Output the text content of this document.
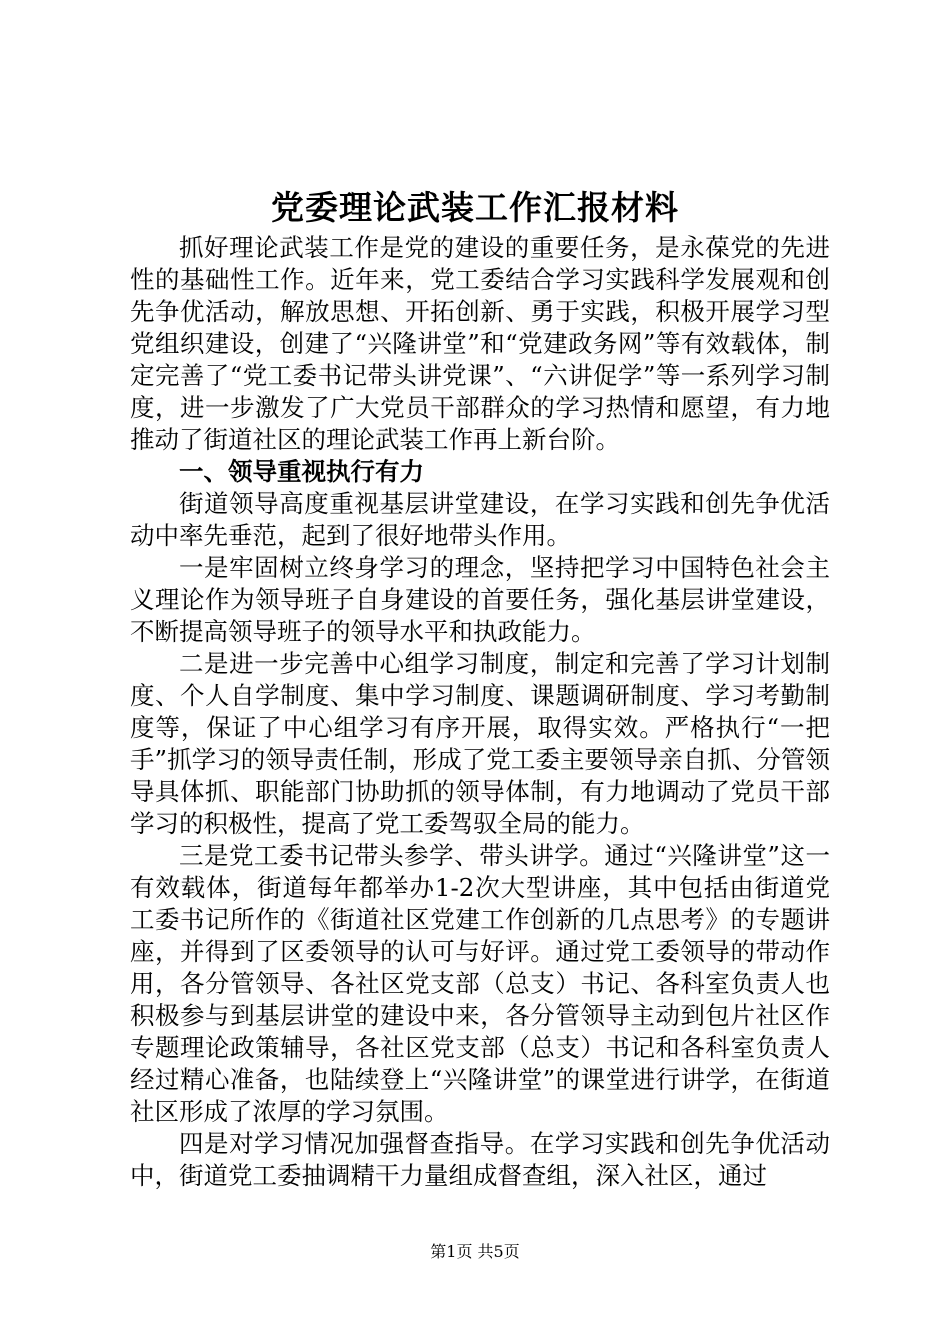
党委理论武装工作汇报材料

抓好理论武装工作是党的建设的重要任务，是永葆党的先进性的基础性工作。近年来，党工委结合学习实践科学发展观和创先争优活动，解放思想、开拓创新、勇于实践，积极开展学习型党组织建设，创建了“兴隆讲堂”和“党建政务网”等有效载体，制定完善了“党工委书记带头讲党课”、“六讲促学”等一系列学习制度，进一步激发了广大党员干部群众的学习热情和愿望，有力地推动了街道社区的理论武装工作再上新台阶。

一、领导重视执行有力

街道领导高度重视基层讲堂建设，在学习实践和创先争优活动中率先垂范，起到了很好地带头作用。

一是牢固树立终身学习的理念，坚持把学习中国特色社会主义理论作为领导班子自身建设的首要任务，强化基层讲堂建设，不断提高领导班子的领导水平和执政能力。

二是进一步完善中心组学习制度，制定和完善了学习计划制度、个人自学制度、集中学习制度、课题调研制度、学习考勤制度等，保证了中心组学习有序开展，取得实效。严格执行“一把手”抓学习的领导责任制，形成了党工委主要领导亲自抓、分管领导具体抓、职能部门协助抓的领导体制，有力地调动了党员干部学习的积极性，提高了党工委驾驭全局的能力。

三是党工委书记带头参学、带头讲学。通过“兴隆讲堂”这一有效载体，街道每年都举办1-2次大型讲座，其中包括由街道党工委书记所作的《街道社区党建工作创新的几点思考》的专题讲座，并得到了区委领导的认可与好评。通过党工委领导的带动作用，各分管领导、各社区党支部（总支）书记、各科室负责人也积极参与到基层讲堂的建设中来，各分管领导主动到包片社区作专题理论政策辅导，各社区党支部（总支）书记和各科室负责人经过精心准备，也陆续登上“兴隆讲堂”的课堂进行讲学，在街道社区形成了浓厚的学习氛围。

四是对学习情况加强督查指导。在学习实践和创先争优活动中，街道党工委抽调精干力量组成督查组，深入社区，通过

第1页 共5页
